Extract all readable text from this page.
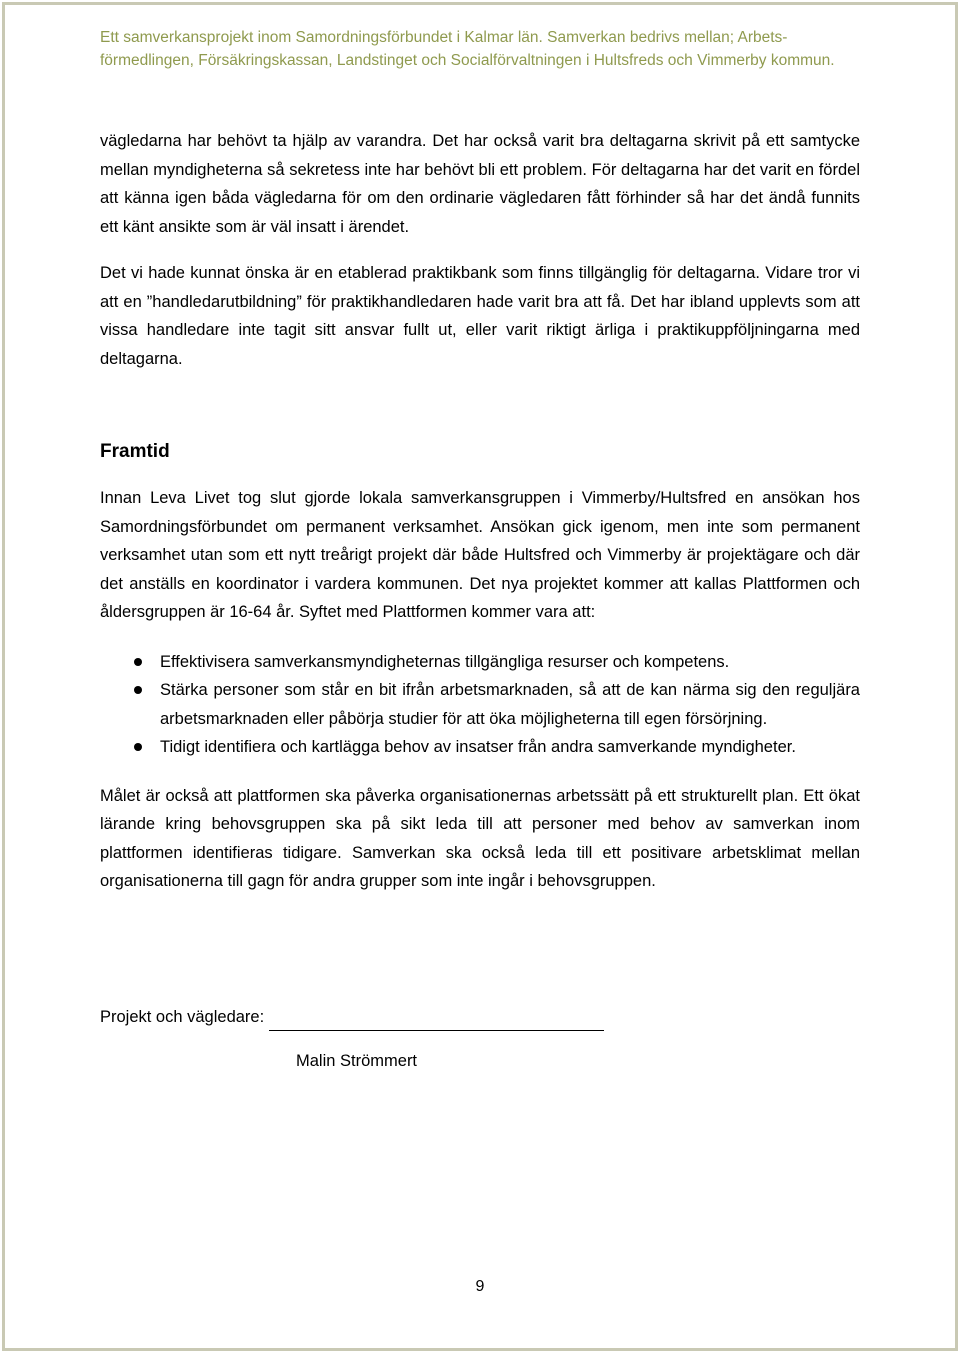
Ett samverkansprojekt inom Samordningsförbundet i Kalmar län. Samverkan bedrivs mellan; Arbets-

förmedlingen, Försäkringskassan, Landstinget och Socialförvaltningen i Hultsfreds och Vimmerby kommun.

vägledarna har behövt ta hjälp av varandra. Det har också varit bra deltagarna skrivit på ett samtycke mellan myndigheterna så sekretess inte har behövt bli ett problem. För deltagarna har det varit en fördel att känna igen båda vägledarna för om den ordinarie vägledaren fått förhinder så har det ändå funnits ett känt ansikte som är väl insatt i ärendet.

Det vi hade kunnat önska är en etablerad praktikbank som finns tillgänglig för deltagarna. Vidare tror vi att en ”handledarutbildning” för praktikhandledaren hade varit bra att få. Det har ibland upplevts som att vissa handledare inte tagit sitt ansvar fullt ut, eller varit riktigt ärliga i praktikuppföljningarna med deltagarna.

Framtid

Innan Leva Livet tog slut gjorde lokala samverkansgruppen i Vimmerby/Hultsfred en ansökan hos Samordningsförbundet om permanent verksamhet. Ansökan gick igenom, men inte som permanent verksamhet utan som ett nytt treårigt projekt där både Hultsfred och Vimmerby är projektägare och där det anställs en koordinator i vardera kommunen. Det nya projektet kommer att kallas Plattformen och åldersgruppen är 16-64 år. Syftet med Plattformen kommer vara att:

Effektivisera samverkansmyndigheternas tillgängliga resurser och kompetens.
Stärka personer som står en bit ifrån arbetsmarknaden, så att de kan närma sig den reguljära arbetsmarknaden eller påbörja studier för att öka möjligheterna till egen försörjning.
Tidigt identifiera och kartlägga behov av insatser från andra samverkande myndigheter.

Målet är också att plattformen ska påverka organisationernas arbetssätt på ett strukturellt plan. Ett ökat lärande kring behovsgruppen ska på sikt leda till att personer med behov av samverkan inom plattformen identifieras tidigare. Samverkan ska också leda till ett positivare arbetsklimat mellan organisationerna till gagn för andra grupper som inte ingår i behovsgruppen.

Projekt och vägledare:
Malin Strömmert
9
